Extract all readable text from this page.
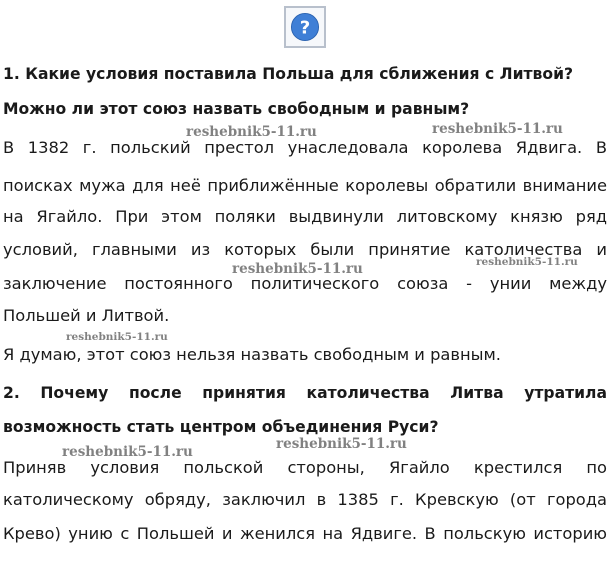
?
1. Какие условия поставила Польша для сближения с Литвой?
Можно ли этот союз назвать свободным и равным?
В 1382 г. польский престол унаследовала королева Ядвига. В
поисках мужа для неё приближённые королевы обратили внимание
на Ягайло. При этом поляки выдвинули литовскому князю ряд
условий, главными из которых были принятие католичества и
заключение постоянного политического союза - унии между
Польшей и Литвой.
Я думаю, этот союз нельзя назвать свободным и равным.
2. Почему после принятия католичества Литва утратила
возможность стать центром объединения Руси?
Приняв условия польской стороны, Ягайло крестился по
католическому обряду, заключил в 1385 г. Кревскую (от города
Крево) унию с Польшей и женился на Ядвиге. В польскую историю
reshebnik5-11.ru	reshebnik5-11.ru
reshebnik5-11.ru	reshebnik5-11.ru
reshebnik5-11.ru
reshebnik5-11.ru	reshebnik5-11.ru
